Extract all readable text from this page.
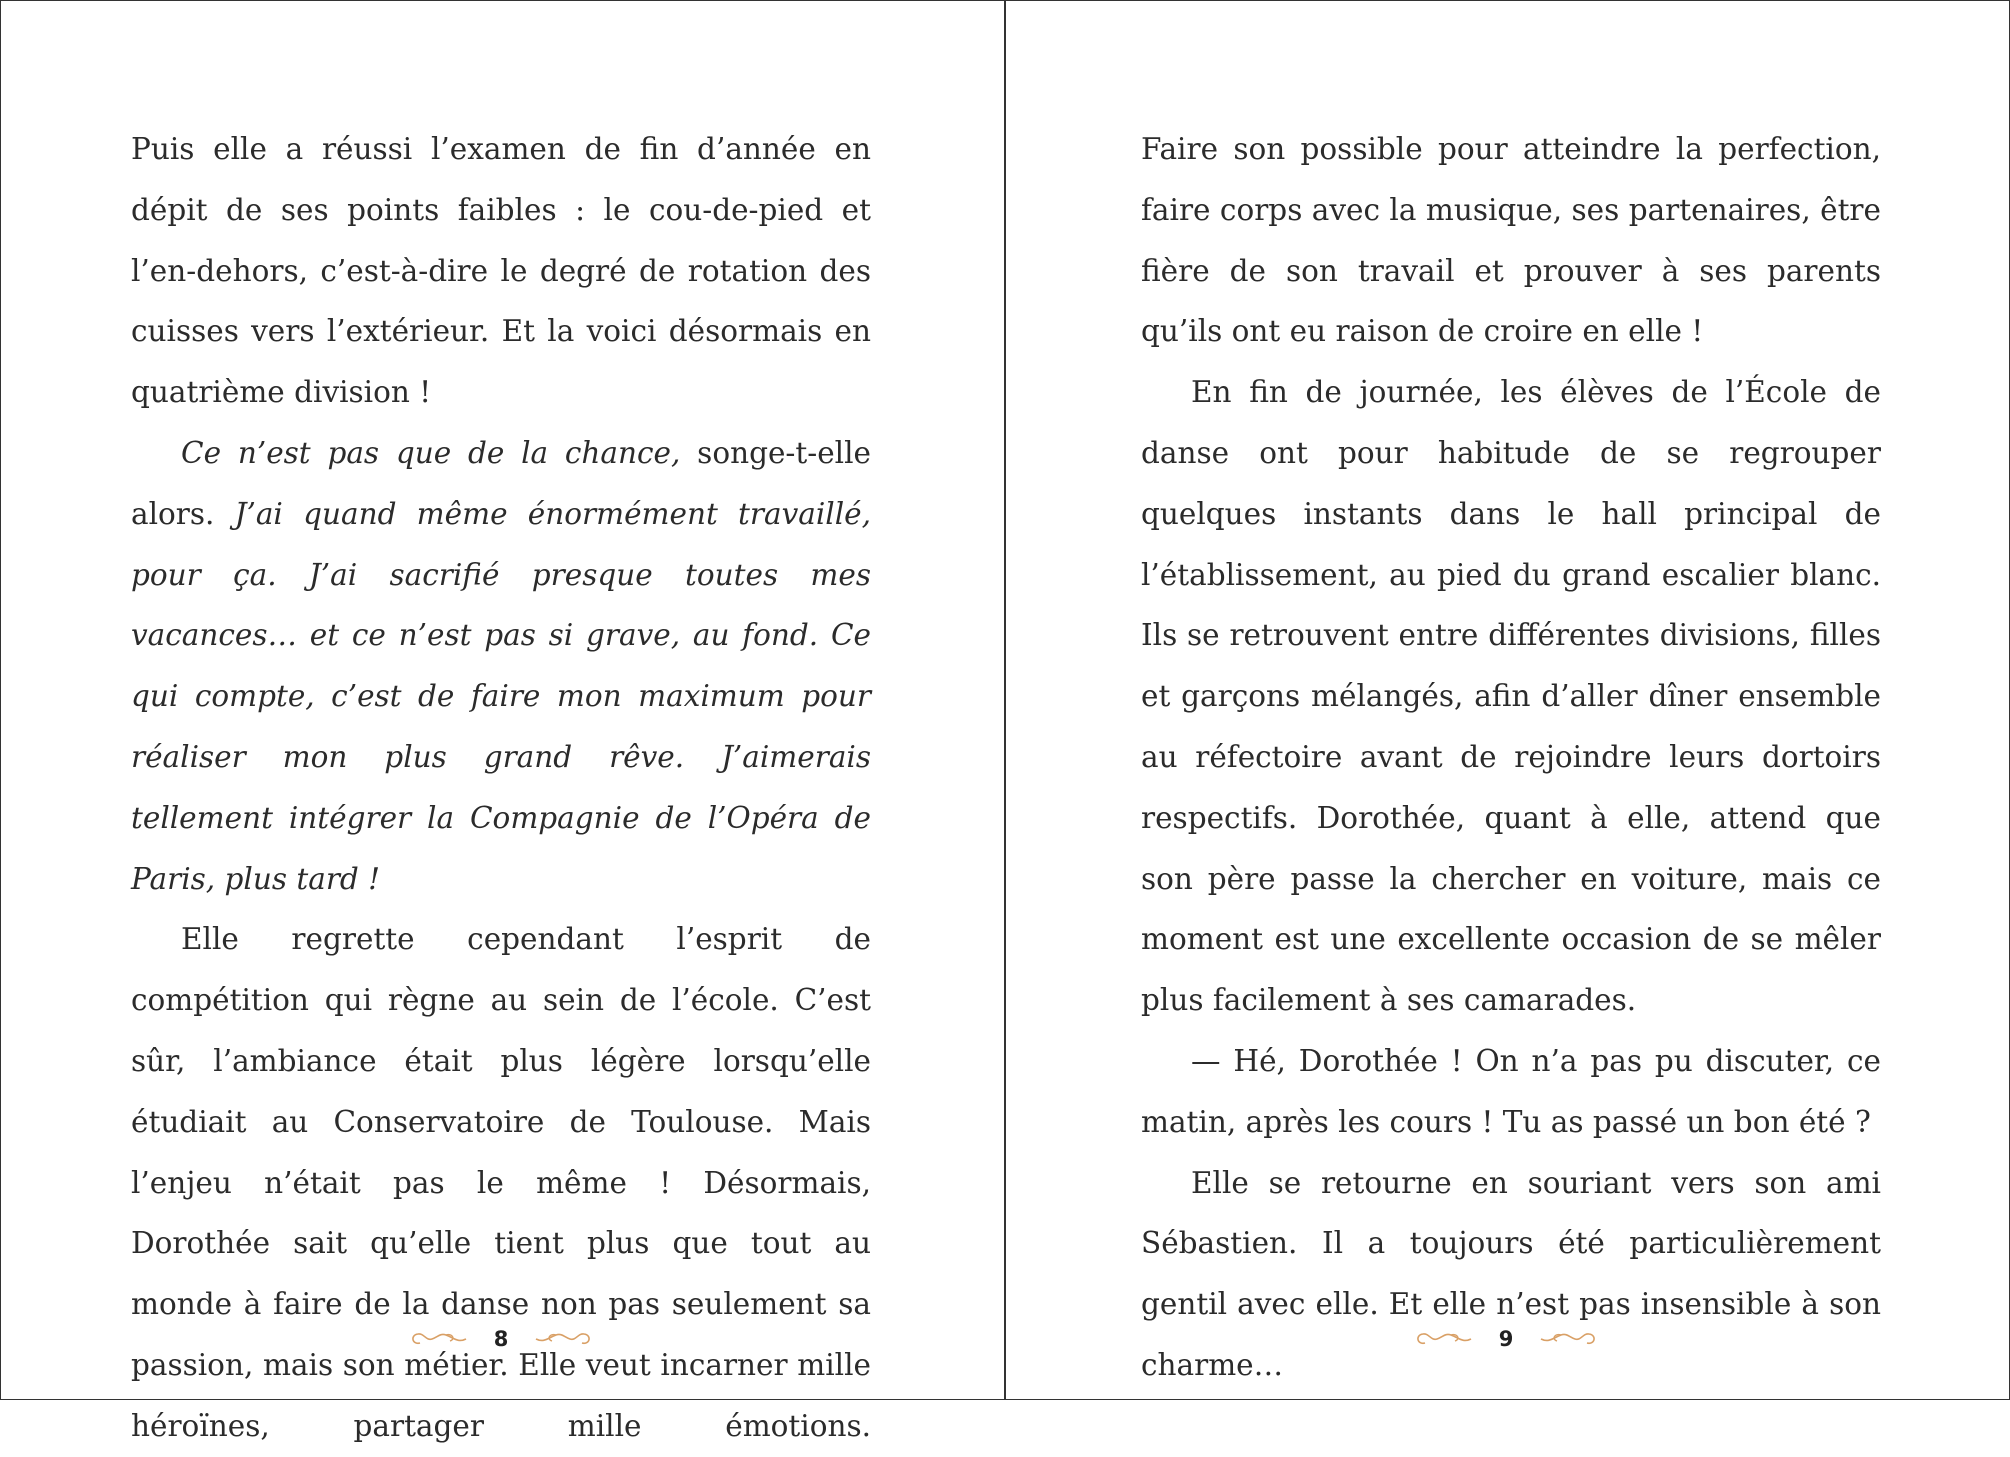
Puis elle a réussi l’examen de fin d’année en dépit de ses points faibles : le cou-de-pied et l’en-dehors, c’est-à-dire le degré de rotation des cuisses vers l’extérieur. Et la voici désormais en quatrième division !

Ce n’est pas que de la chance, songe-t-elle alors. J’ai quand même énormément travaillé, pour ça. J’ai sacrifié presque toutes mes vacances… et ce n’est pas si grave, au fond. Ce qui compte, c’est de faire mon maximum pour réaliser mon plus grand rêve. J’aimerais tellement intégrer la Compagnie de l’Opéra de Paris, plus tard !

Elle regrette cependant l’esprit de compétition qui règne au sein de l’école. C’est sûr, l’ambiance était plus légère lorsqu’elle étudiait au Conservatoire de Toulouse. Mais l’enjeu n’était pas le même ! Désormais, Dorothée sait qu’elle tient plus que tout au monde à faire de la danse non pas seulement sa passion, mais son métier. Elle veut incarner mille héroïnes, partager mille émotions.

8

Faire son possible pour atteindre la perfection, faire corps avec la musique, ses partenaires, être fière de son travail et prouver à ses parents qu’ils ont eu raison de croire en elle !

En fin de journée, les élèves de l’École de danse ont pour habitude de se regrouper quelques instants dans le hall principal de l’établissement, au pied du grand escalier blanc. Ils se retrouvent entre différentes divisions, filles et garçons mélangés, afin d’aller dîner ensemble au réfectoire avant de rejoindre leurs dortoirs respectifs. Dorothée, quant à elle, attend que son père passe la chercher en voiture, mais ce moment est une excellente occasion de se mêler plus facilement à ses camarades.

— Hé, Dorothée ! On n’a pas pu discuter, ce matin, après les cours ! Tu as passé un bon été ?

Elle se retourne en souriant vers son ami Sébastien. Il a toujours été particulièrement gentil avec elle. Et elle n’est pas insensible à son charme…

9
